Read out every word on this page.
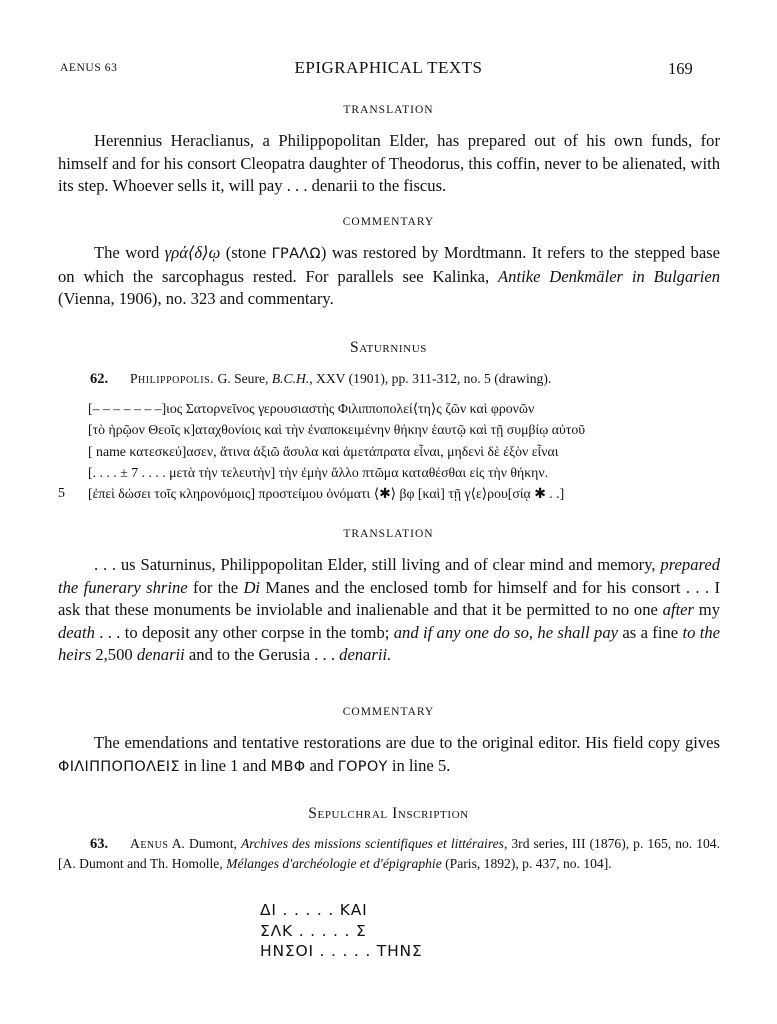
AENUS 63	EPIGRAPHICAL TEXTS	169
TRANSLATION
Herennius Heraclianus, a Philippopolitan Elder, has prepared out of his own funds, for himself and for his consort Cleopatra daughter of Theodorus, this coffin, never to be alienated, with its step. Whoever sells it, will pay . . . denarii to the fiscus.
COMMENTARY
The word γρά⟨δ⟩ῳ (stone ΓΡΑΛΩ) was restored by Mordtmann. It refers to the stepped base on which the sarcophagus rested. For parallels see Kalinka, Antike Denkmäler in Bulgarien (Vienna, 1906), no. 323 and commentary.
Saturninus
62. Philippopolis. G. Seure, B.C.H., XXV (1901), pp. 311-312, no. 5 (drawing).
[– – – – – – –]ιος Σατορνεῖνος γερουσιαστὴς Φιλιπποπολεί⟨τη⟩ς ζῶν καὶ φρονῶν
[τὸ ἡρῷον Θεοῖς κ]αταχθονίοις καὶ τὴν ἐναποκειμένην θήκην ἑαυτῷ καὶ τῇ συμβίῳ αὐτοῦ
[ name κατεσκεύ]ασεν, ἅτινα ἀξιῶ ἄσυλα καὶ ἀμετάπρατα εἶναι, μηδενὶ δὲ ἐξὸν εἶναι
[. . . . ± 7 . . . . μετὰ τὴν τελευτὴν] τὴν ἐμὴν ἄλλο πτῶμα καταθέσθαι εἰς τὴν θήκην.
[ἐπεὶ δώσει τοῖς κληρονόμοις] προστείμου ὀνόματι ⟨✱⟩ βφ [καὶ] τῇ γ⟨ε⟩ρου[σίᾳ ✱ . .]
5
TRANSLATION
. . . us Saturninus, Philippopolitan Elder, still living and of clear mind and memory, prepared the funerary shrine for the Di Manes and the enclosed tomb for himself and for his consort . . . I ask that these monuments be inviolable and inalienable and that it be permitted to no one after my death . . . to deposit any other corpse in the tomb; and if any one do so, he shall pay as a fine to the heirs 2,500 denarii and to the Gerusia . . . denarii.
COMMENTARY
The emendations and tentative restorations are due to the original editor. His field copy gives ΦΙΛΙΠΠΟΠΟΛΕΙΣ in line 1 and ΜΒΦ and ΓΟΡΟΥ in line 5.
Sepulchral Inscription
63. Aenus A. Dumont, Archives des missions scientifiques et littéraires, 3rd series, III (1876), p. 165, no. 104. [A. Dumont and Th. Homolle, Mélanges d'archéologie et d'épigraphie (Paris, 1892), p. 437, no. 104].
ΔΙ . . . . . ΚΑΙ
ΣΛΚ . . . . . Σ
ΗΝΣΟΙ . . . . . ΤΗΝΣ
